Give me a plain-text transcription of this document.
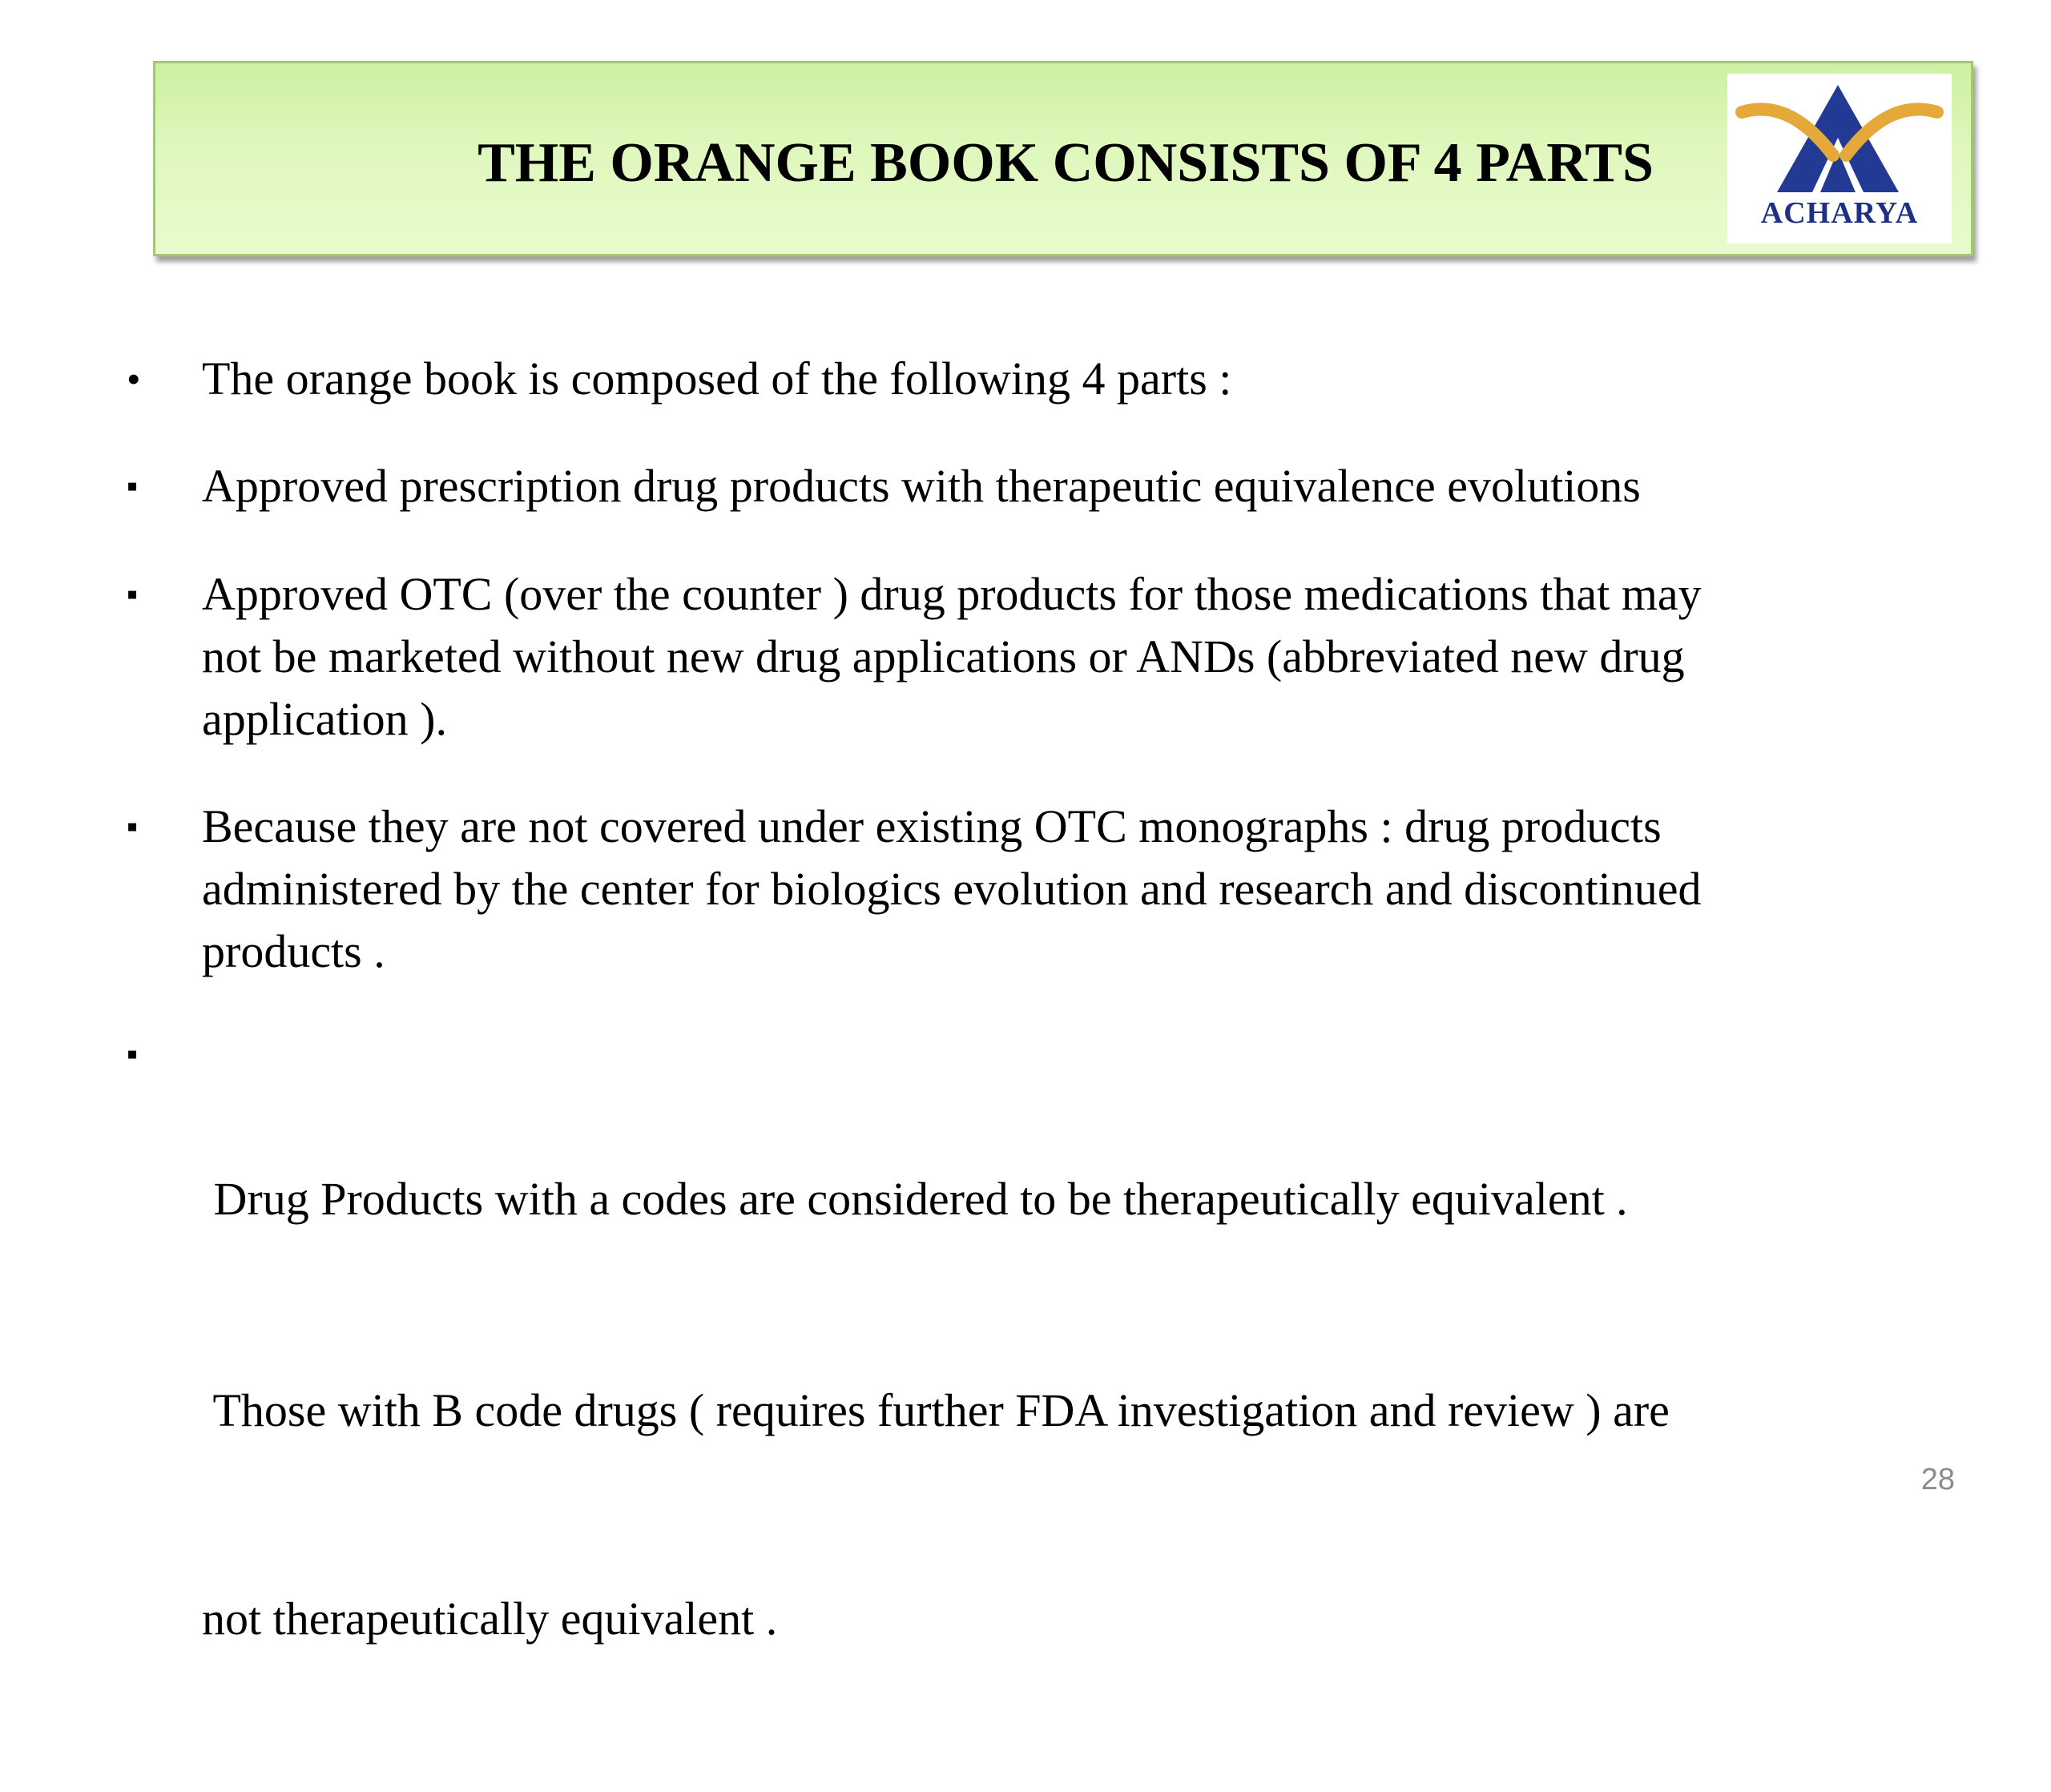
THE ORANGE BOOK CONSISTS OF 4 PARTS
ACHARYA
• The orange book is composed of the following 4 parts :
▪ Approved prescription drug products with therapeutic equivalence evolutions
▪ Approved OTC (over the counter ) drug products for those medications that may
not be marketed without new drug applications or ANDs (abbreviated new drug
application ).
▪ Because they are not covered under existing OTC monographs : drug products
administered by the center for biologics evolution and research and discontinued
products .
▪

Drug Products with a codes are considered to be therapeutically equivalent .

Those with B code drugs ( requires further FDA investigation and review ) are

not therapeutically equivalent .

28
